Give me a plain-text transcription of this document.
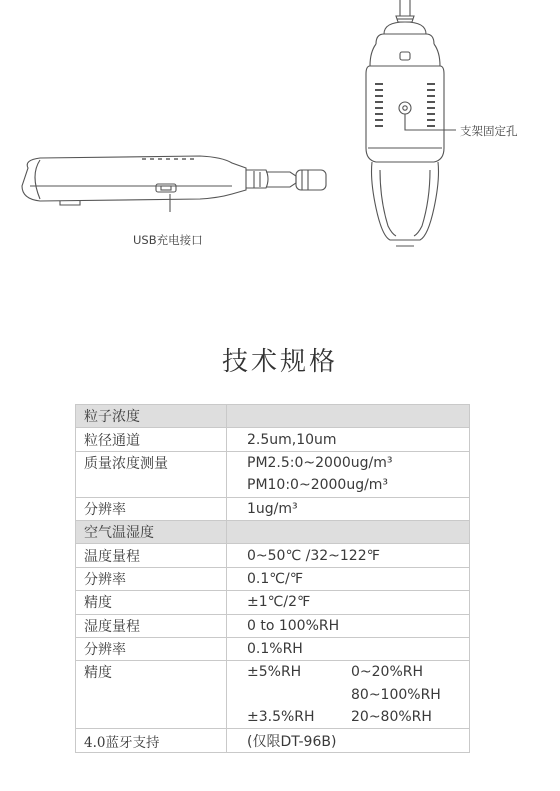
USB充电接口
支架固定孔
技术规格
粒子浓度	
粒径通道	2.5um,10um
质量浓度测量	PM2.5:0~2000ug/m³
	PM10:0~2000ug/m³
分辨率	1ug/m³
空气温湿度	
温度量程	0~50℃ /32~122℉
分辨率	0.1℃/℉
精度	±1℃/2℉
湿度量程	0 to 100%RH
分辨率	0.1%RH
精度	±5%RH 0~20%RH
	80~100%RH
	±3.5%RH 20~80%RH
4.0蓝牙支持	(仅限DT-96B)
